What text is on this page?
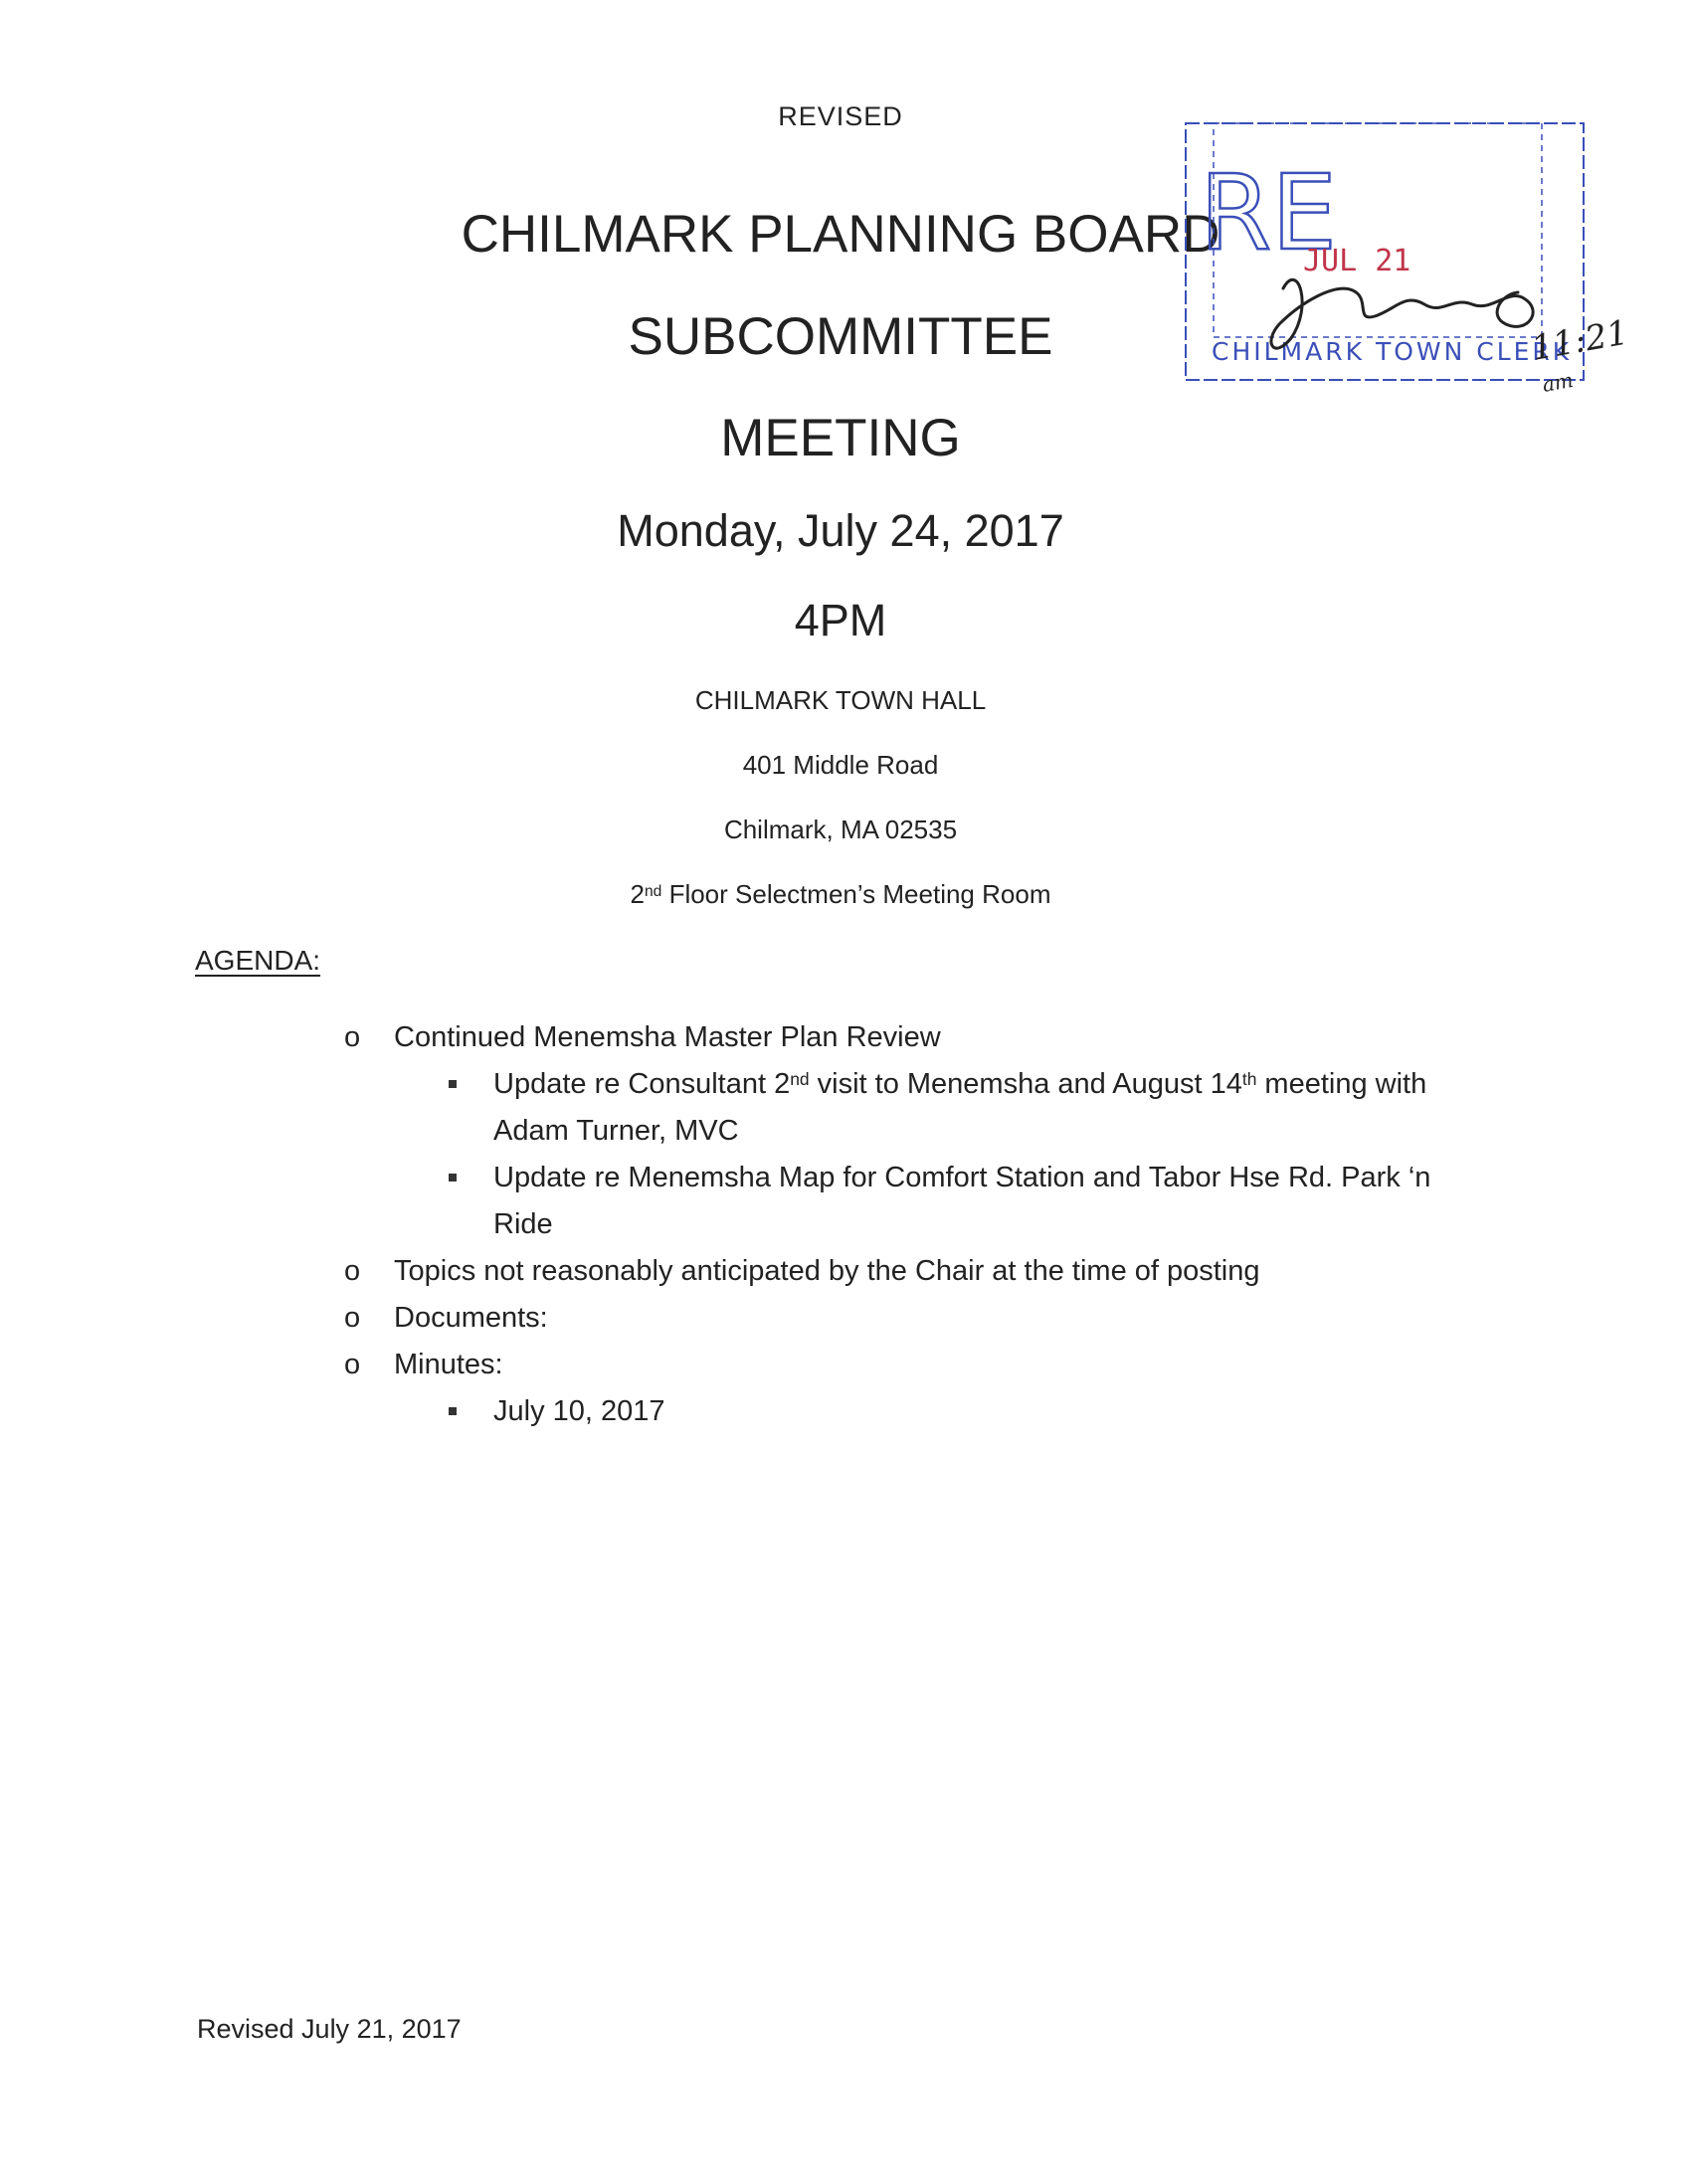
REVISED
CHILMARK PLANNING BOARD
SUBCOMMITTEE
MEETING
Monday, July 24, 2017
4PM
CHILMARK TOWN HALL
401 Middle Road
Chilmark, MA 02535
2nd Floor Selectmen’s Meeting Room
AGENDA:
o Continued Menemsha Master Plan Review
Update re Consultant 2nd visit to Menemsha and August 14th meeting with Adam Turner, MVC
Update re Menemsha Map for Comfort Station and Tabor Hse Rd. Park ‘n Ride
o Topics not reasonably anticipated by the Chair at the time of posting
o Documents:
o Minutes:
July 10, 2017
RE
JUL 21
CHILMARK TOWN CLERK
11:21
am
Revised July 21, 2017
